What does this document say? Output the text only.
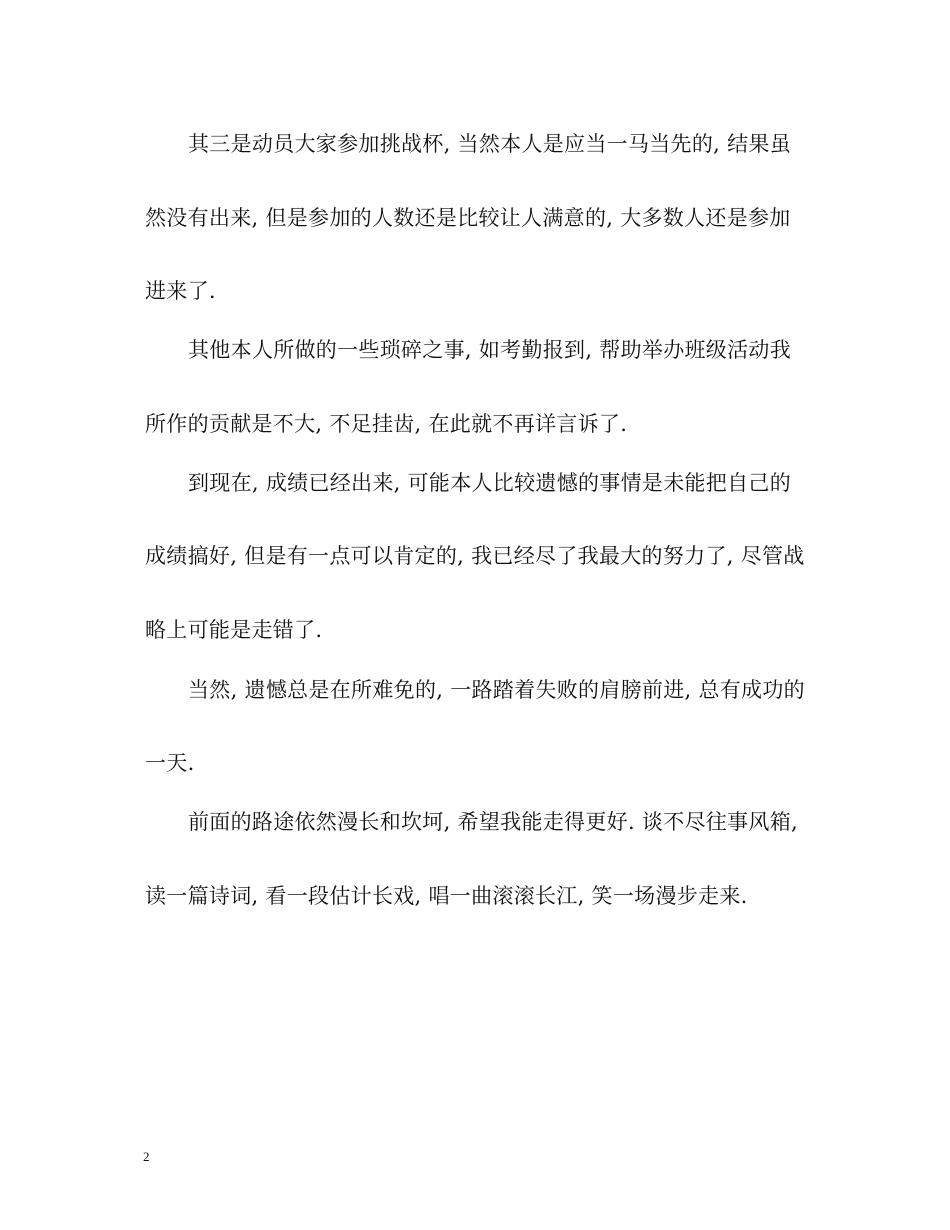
其三是动员大家参加挑战杯, 当然本人是应当一马当先的, 结果虽
然没有出来, 但是参加的人数还是比较让人满意的, 大多数人还是参加
进来了.
其他本人所做的一些琐碎之事, 如考勤报到, 帮助举办班级活动我
所作的贡献是不大, 不足挂齿, 在此就不再详言诉了.
到现在, 成绩已经出来, 可能本人比较遗憾的事情是未能把自己的
成绩搞好, 但是有一点可以肯定的, 我已经尽了我最大的努力了, 尽管战
略上可能是走错了.
当然, 遗憾总是在所难免的, 一路踏着失败的肩膀前进, 总有成功的
一天.
前面的路途依然漫长和坎坷, 希望我能走得更好. 谈不尽往事风箱,
读一篇诗词, 看一段估计长戏, 唱一曲滚滚长江, 笑一场漫步走来.
2
